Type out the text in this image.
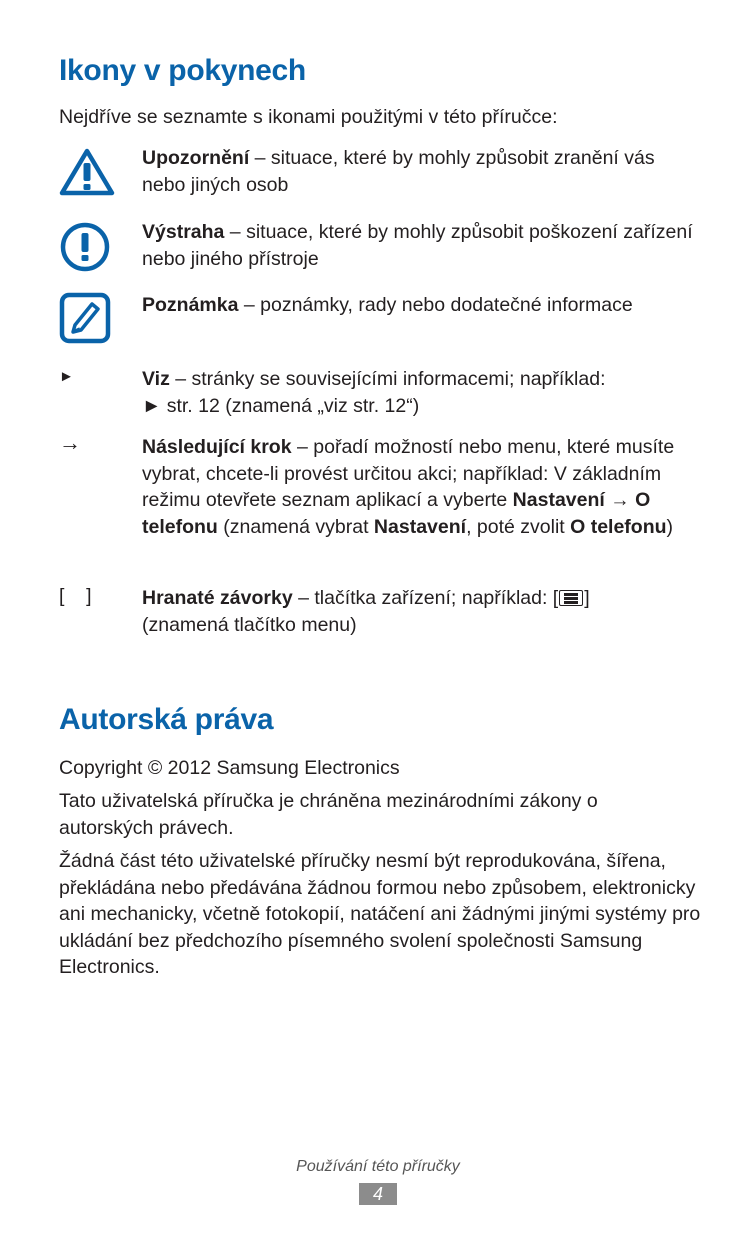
Ikony v pokynech

Nejdříve se seznamte s ikonami použitými v této příručce:

Upozornění – situace, které by mohly způsobit zranění vás nebo jiných osob
Výstraha – situace, které by mohly způsobit poškození zařízení nebo jiného přístroje
Poznámka – poznámky, rady nebo dodatečné informace
►	Viz – stránky se souvisejícími informacemi; například:
► str. 12 (znamená „viz str. 12“)
→	Následující krok – pořadí možností nebo menu, které musíte vybrat, chcete-li provést určitou akci; například: V základním režimu otevřete seznam aplikací a vyberte Nastavení → O telefonu (znamená vybrat Nastavení, poté zvolit O telefonu)
[    ]	Hranaté závorky – tlačítka zařízení; například: [ ]
(znamená tlačítko menu)
Autorská práva

Copyright © 2012 Samsung Electronics

Tato uživatelská příručka je chráněna mezinárodními zákony o autorských právech.

Žádná část této uživatelské příručky nesmí být reprodukována, šířena, překládána nebo předávána žádnou formou nebo způsobem, elektronicky ani mechanicky, včetně fotokopií, natáčení ani žádnými jinými systémy pro ukládání bez předchozího písemného svolení společnosti Samsung Electronics.

Používání této příručky
4
